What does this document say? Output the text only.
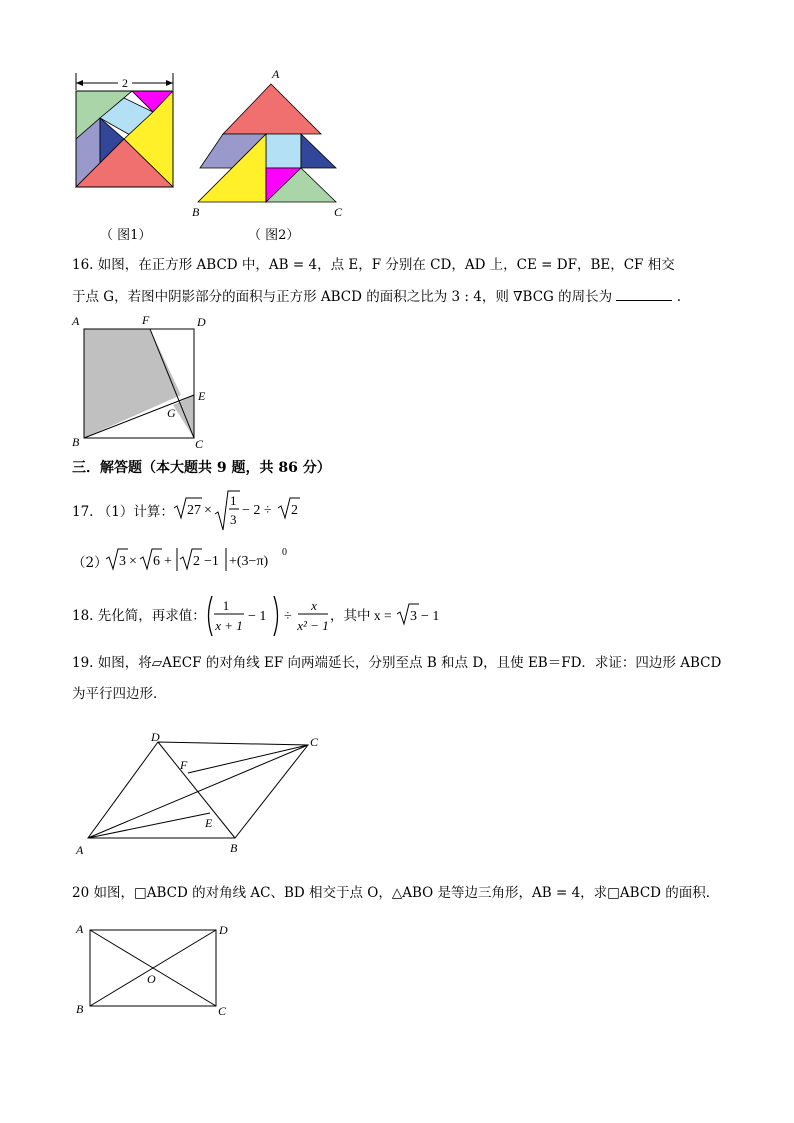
2
A
B	C
（ 图1）	（ 图2）
16. 如图，在正方形 ABCD 中，AB = 4，点 E，F 分别在 CD，AD 上，CE = DF，BE，CF 相交
于点 G，若图中阴影部分的面积与正方形 ABCD 的面积之比为 3 : 4，则 ∇BCG 的周长为	.
A	F	D
E
G
B	C
三．解答题（本大题共 9 题，共 86 分）
17. （1）计算： 27 ×
1
3
− 2 ÷ 2
（2） 3 × 6 + 2 −1 +(3−π)
0
18. 先化简，再求值：
1
x + 1
− 1 ÷
x
x² − 1
，其中 x = 3 − 1
19. 如图，将▱AECF 的对角线 EF 向两端延长，分别至点 B 和点 D，且使 EB＝FD．求证：四边形 ABCD
为平行四边形．
A	B
C
D
F
E
20 如图，□ABCD 的对角线 AC、BD 相交于点 O，△ABO 是等边三角形，AB = 4，求□ABCD 的面积．
A	D
B	C
O
